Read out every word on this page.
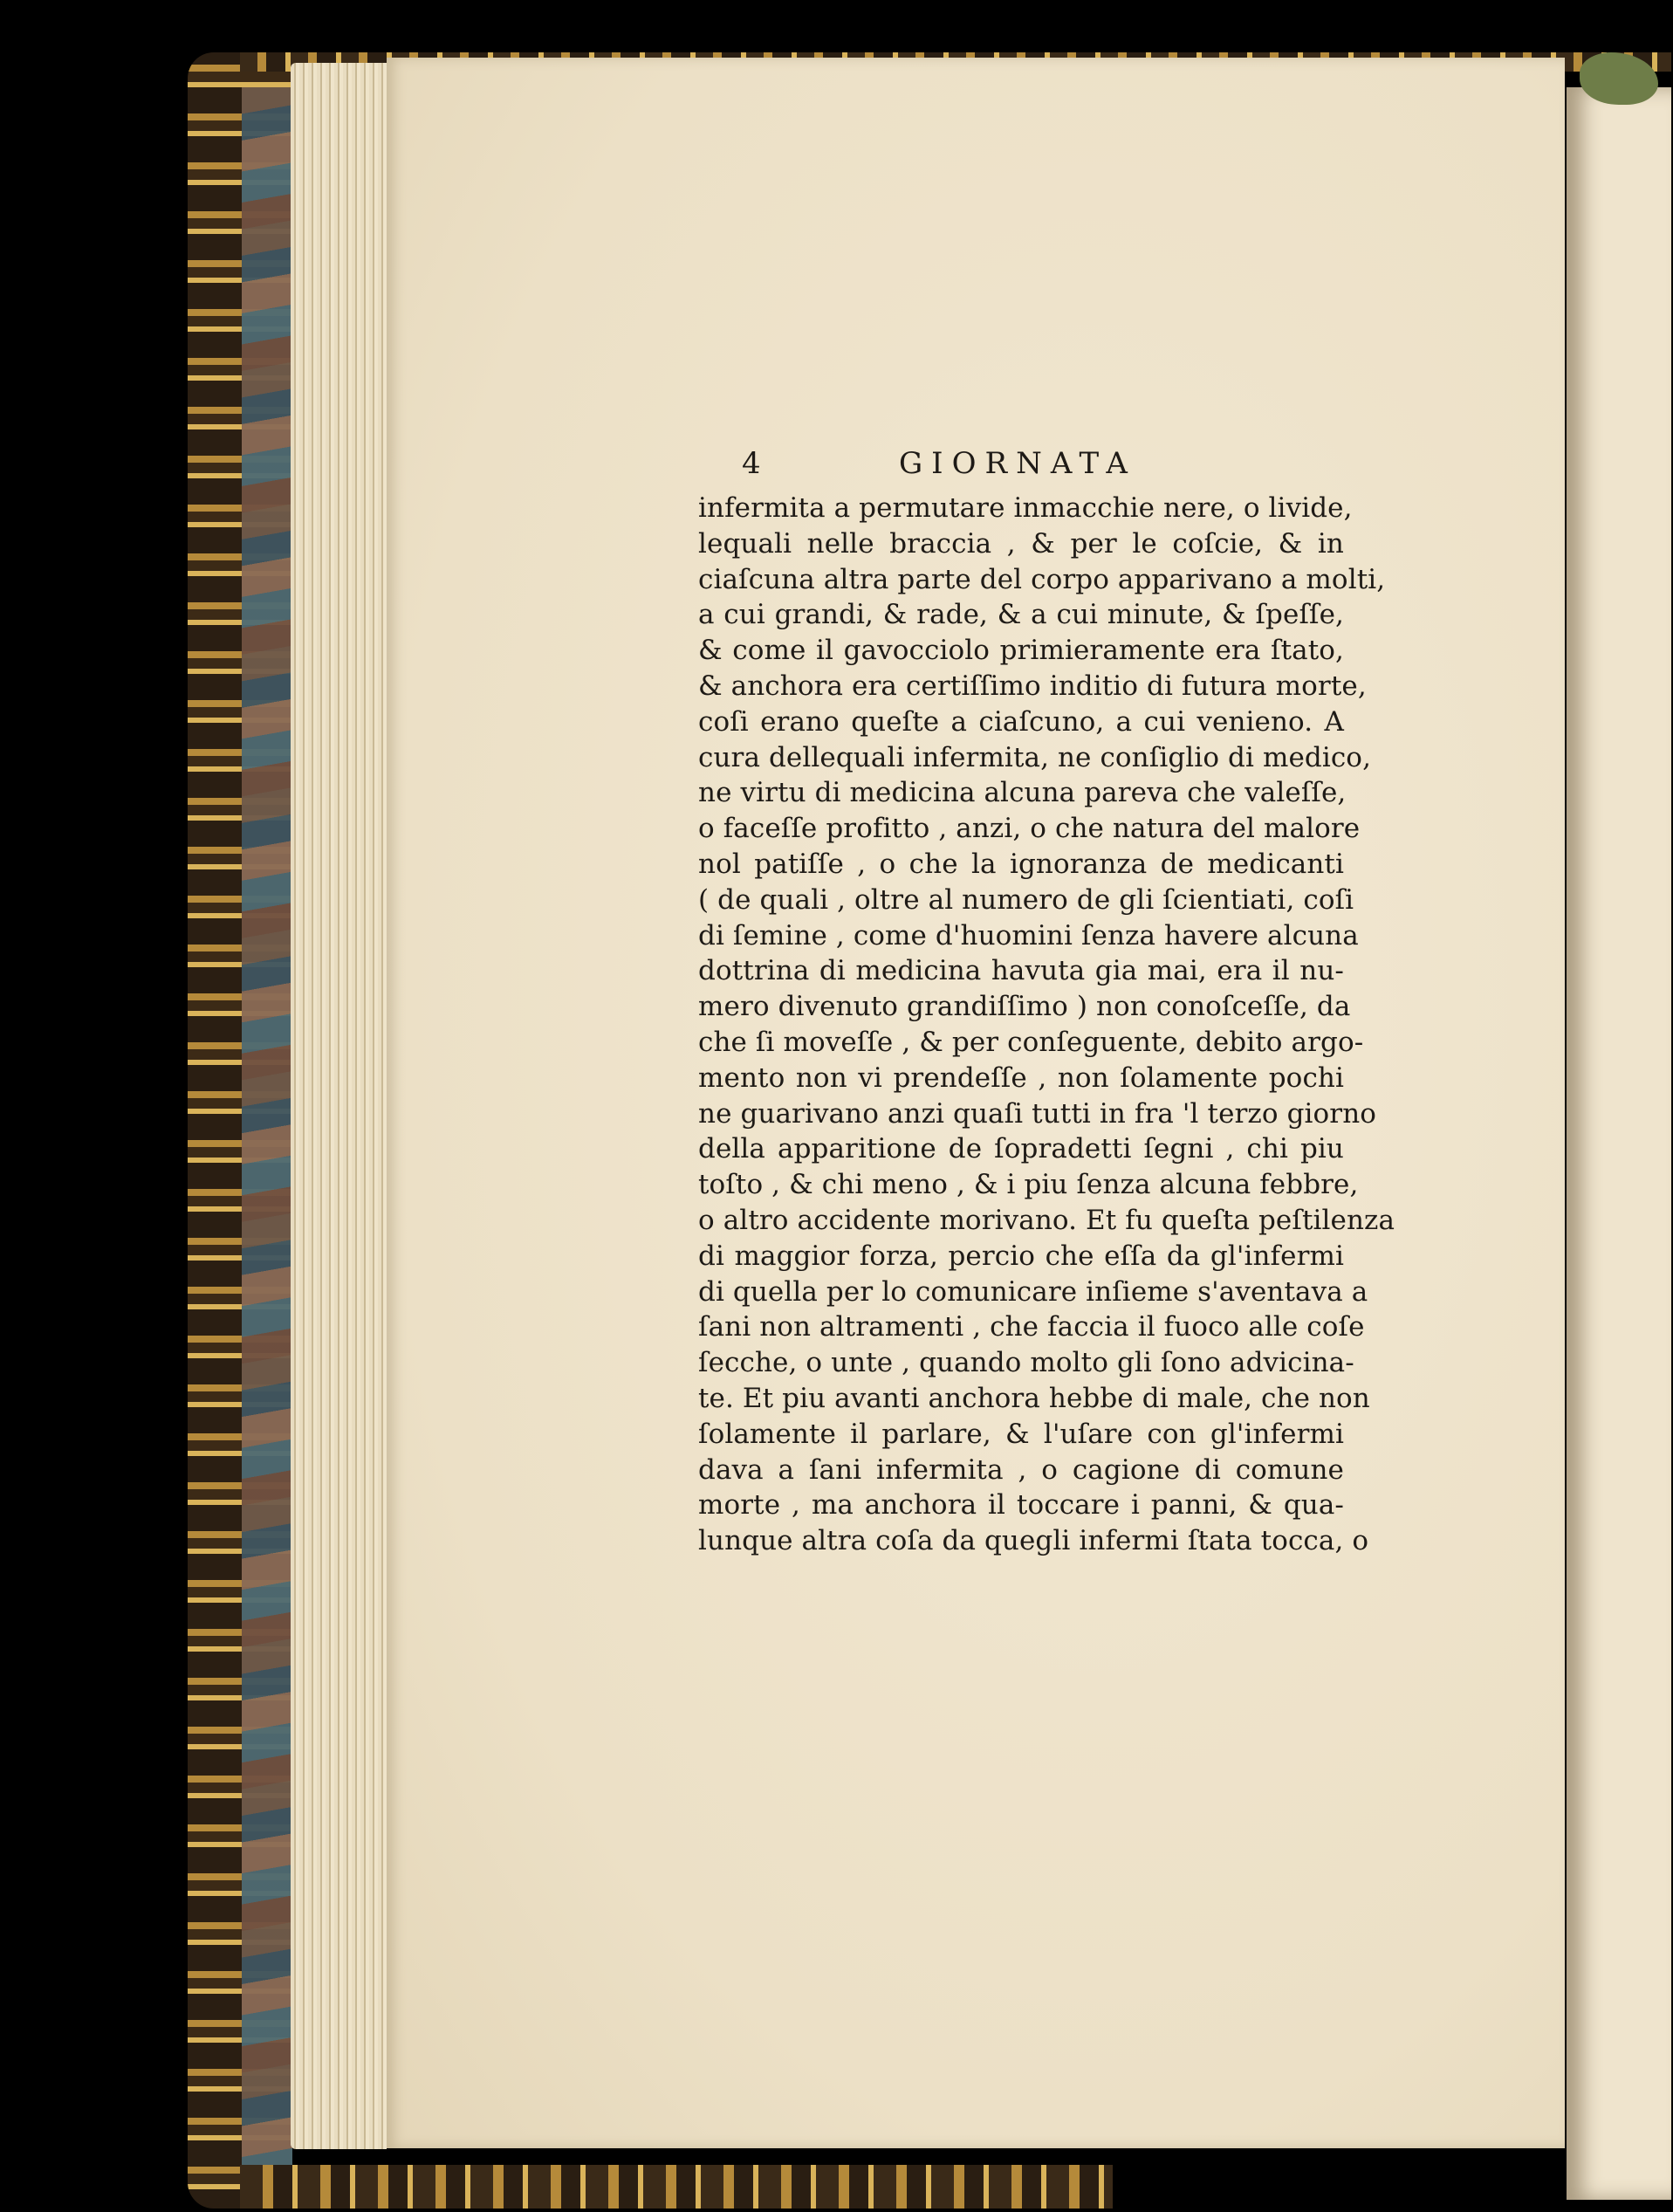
4	GIORNATA
infermita a permutare inmacchie nere, o livide,
lequali nelle braccia , & per le coſcie, & in
ciaſcuna altra parte del corpo apparivano a molti,
a cui grandi, & rade, & a cui minute, & ſpeſſe,
& come il gavocciolo primieramente era ſtato,
& anchora era certiſſimo inditio di futura morte,
coſi erano queſte a ciaſcuno, a cui venieno. A
cura dellequali infermita, ne conſiglio di medico,
ne virtu di medicina alcuna pareva che valeſſe,
o faceſſe profitto , anzi, o che natura del malore
nol patiſſe , o che la ignoranza de medicanti
( de quali , oltre al numero de gli ſcientiati, coſi
di ſemine , come d'huomini ſenza havere alcuna
dottrina di medicina havuta gia mai, era il nu-
mero divenuto grandiſſimo ) non conoſceſſe, da
che ſi moveſſe , & per conſeguente, debito argo-
mento non vi prendeſſe , non ſolamente pochi
ne guarivano anzi quaſi tutti in fra 'l terzo giorno
della apparitione de ſopradetti ſegni , chi piu
toſto , & chi meno , & i piu ſenza alcuna febbre,
o altro accidente morivano. Et fu queſta peſtilenza
di maggior forza, percio che eſſa da gl'infermi
di quella per lo comunicare inſieme s'aventava a
ſani non altramenti , che faccia il fuoco alle coſe
ſecche, o unte , quando molto gli ſono advicina-
te. Et piu avanti anchora hebbe di male, che non
ſolamente il parlare, & l'uſare con gl'infermi
dava a ſani infermita , o cagione di comune
morte , ma anchora il toccare i panni, & qua-
lunque altra coſa da quegli infermi ſtata tocca, o
